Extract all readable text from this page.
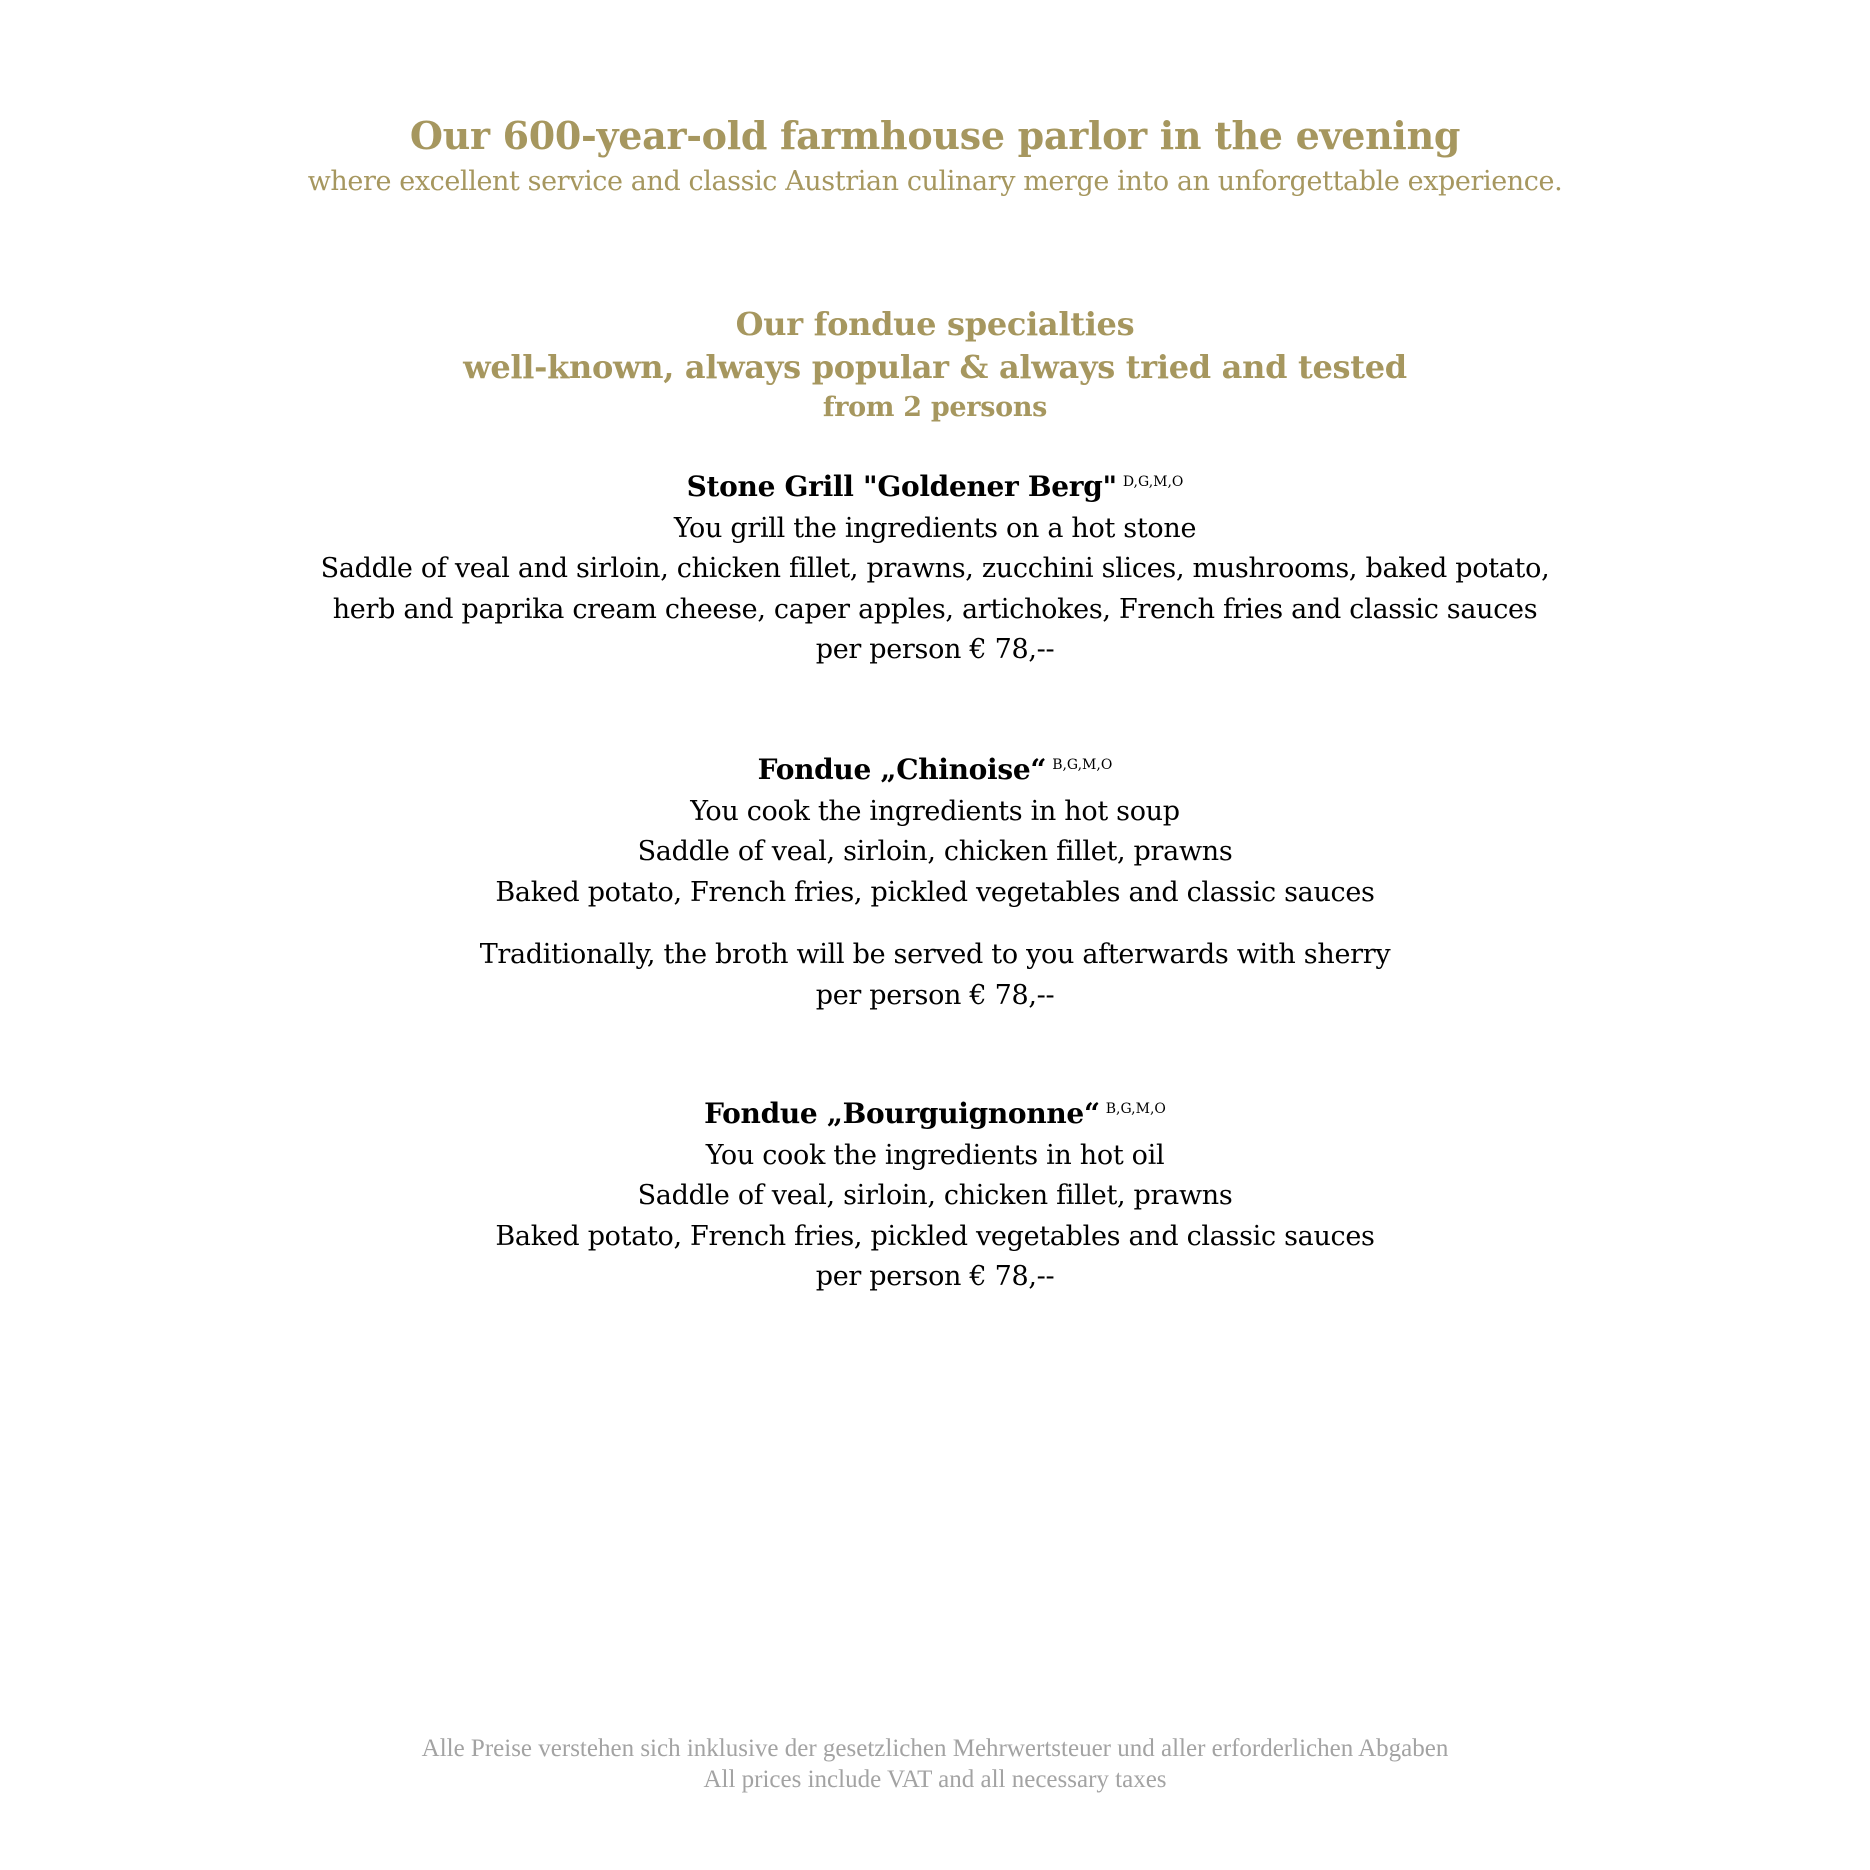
Our 600-year-old farmhouse parlor in the evening
where excellent service and classic Austrian culinary merge into an unforgettable experience.
Our fondue specialties
well-known, always popular & always tried and tested
from 2 persons
Stone Grill "Goldener Berg" $^{D,G,M,O}$
You grill the ingredients on a hot stone
Saddle of veal and sirloin, chicken fillet, prawns, zucchini slices, mushrooms, baked potato,
herb and paprika cream cheese, caper apples, artichokes, French fries and classic sauces
per person € 78,--
Fondue „Chinoise“ $^{B,G,M,O}$
You cook the ingredients in hot soup
Saddle of veal, sirloin, chicken fillet, prawns
Baked potato, French fries, pickled vegetables and classic sauces
Traditionally, the broth will be served to you afterwards with sherry
per person € 78,--
Fondue „Bourguignonne“ $^{B,G,M,O}$
You cook the ingredients in hot oil
Saddle of veal, sirloin, chicken fillet, prawns
Baked potato, French fries, pickled vegetables and classic sauces
per person € 78,--
Alle Preise verstehen sich inklusive der gesetzlichen Mehrwertsteuer und aller erforderlichen Abgaben
All prices include VAT and all necessary taxes
